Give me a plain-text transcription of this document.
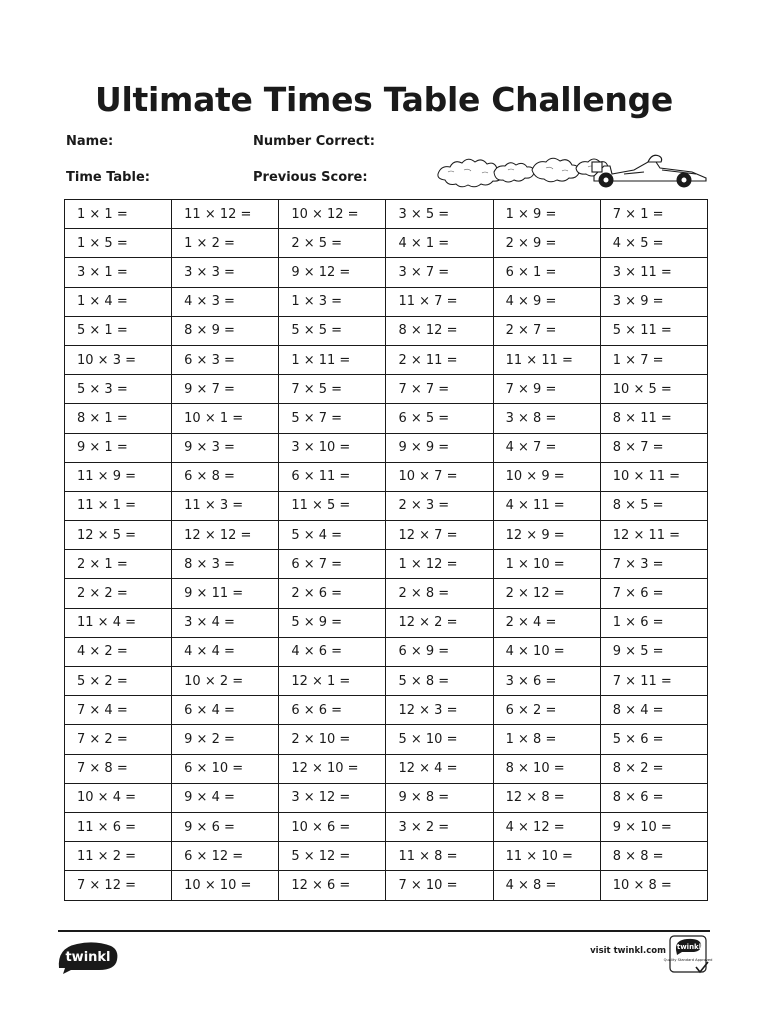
Ultimate Times Table Challenge
Name:	Number Correct:
Time Table:	Previous Score:
1 × 1 =	11 × 12 =	10 × 12 =	3 × 5 =	1 × 9 =	7 × 1 =
1 × 5 =	1 × 2 =	2 × 5 =	4 × 1 =	2 × 9 =	4 × 5 =
3 × 1 =	3 × 3 =	9 × 12 =	3 × 7 =	6 × 1 =	3 × 11 =
1 × 4 =	4 × 3 =	1 × 3 =	11 × 7 =	4 × 9 =	3 × 9 =
5 × 1 =	8 × 9 =	5 × 5 =	8 × 12 =	2 × 7 =	5 × 11 =
10 × 3 =	6 × 3 =	1 × 11 =	2 × 11 =	11 × 11 =	1 × 7 =
5 × 3 =	9 × 7 =	7 × 5 =	7 × 7 =	7 × 9 =	10 × 5 =
8 × 1 =	10 × 1 =	5 × 7 =	6 × 5 =	3 × 8 =	8 × 11 =
9 × 1 =	9 × 3 =	3 × 10 =	9 × 9 =	4 × 7 =	8 × 7 =
11 × 9 =	6 × 8 =	6 × 11 =	10 × 7 =	10 × 9 =	10 × 11 =
11 × 1 =	11 × 3 =	11 × 5 =	2 × 3 =	4 × 11 =	8 × 5 =
12 × 5 =	12 × 12 =	5 × 4 =	12 × 7 =	12 × 9 =	12 × 11 =
2 × 1 =	8 × 3 =	6 × 7 =	1 × 12 =	1 × 10 =	7 × 3 =
2 × 2 =	9 × 11 =	2 × 6 =	2 × 8 =	2 × 12 =	7 × 6 =
11 × 4 =	3 × 4 =	5 × 9 =	12 × 2 =	2 × 4 =	1 × 6 =
4 × 2 =	4 × 4 =	4 × 6 =	6 × 9 =	4 × 10 =	9 × 5 =
5 × 2 =	10 × 2 =	12 × 1 =	5 × 8 =	3 × 6 =	7 × 11 =
7 × 4 =	6 × 4 =	6 × 6 =	12 × 3 =	6 × 2 =	8 × 4 =
7 × 2 =	9 × 2 =	2 × 10 =	5 × 10 =	1 × 8 =	5 × 6 =
7 × 8 =	6 × 10 =	12 × 10 =	12 × 4 =	8 × 10 =	8 × 2 =
10 × 4 =	9 × 4 =	3 × 12 =	9 × 8 =	12 × 8 =	8 × 6 =
11 × 6 =	9 × 6 =	10 × 6 =	3 × 2 =	4 × 12 =	9 × 10 =
11 × 2 =	6 × 12 =	5 × 12 =	11 × 8 =	11 × 10 =	8 × 8 =
7 × 12 =	10 × 10 =	12 × 6 =	7 × 10 =	4 × 8 =	10 × 8 =
twinkl	visit twinkl.com twinkl
Quality Standard Approved
